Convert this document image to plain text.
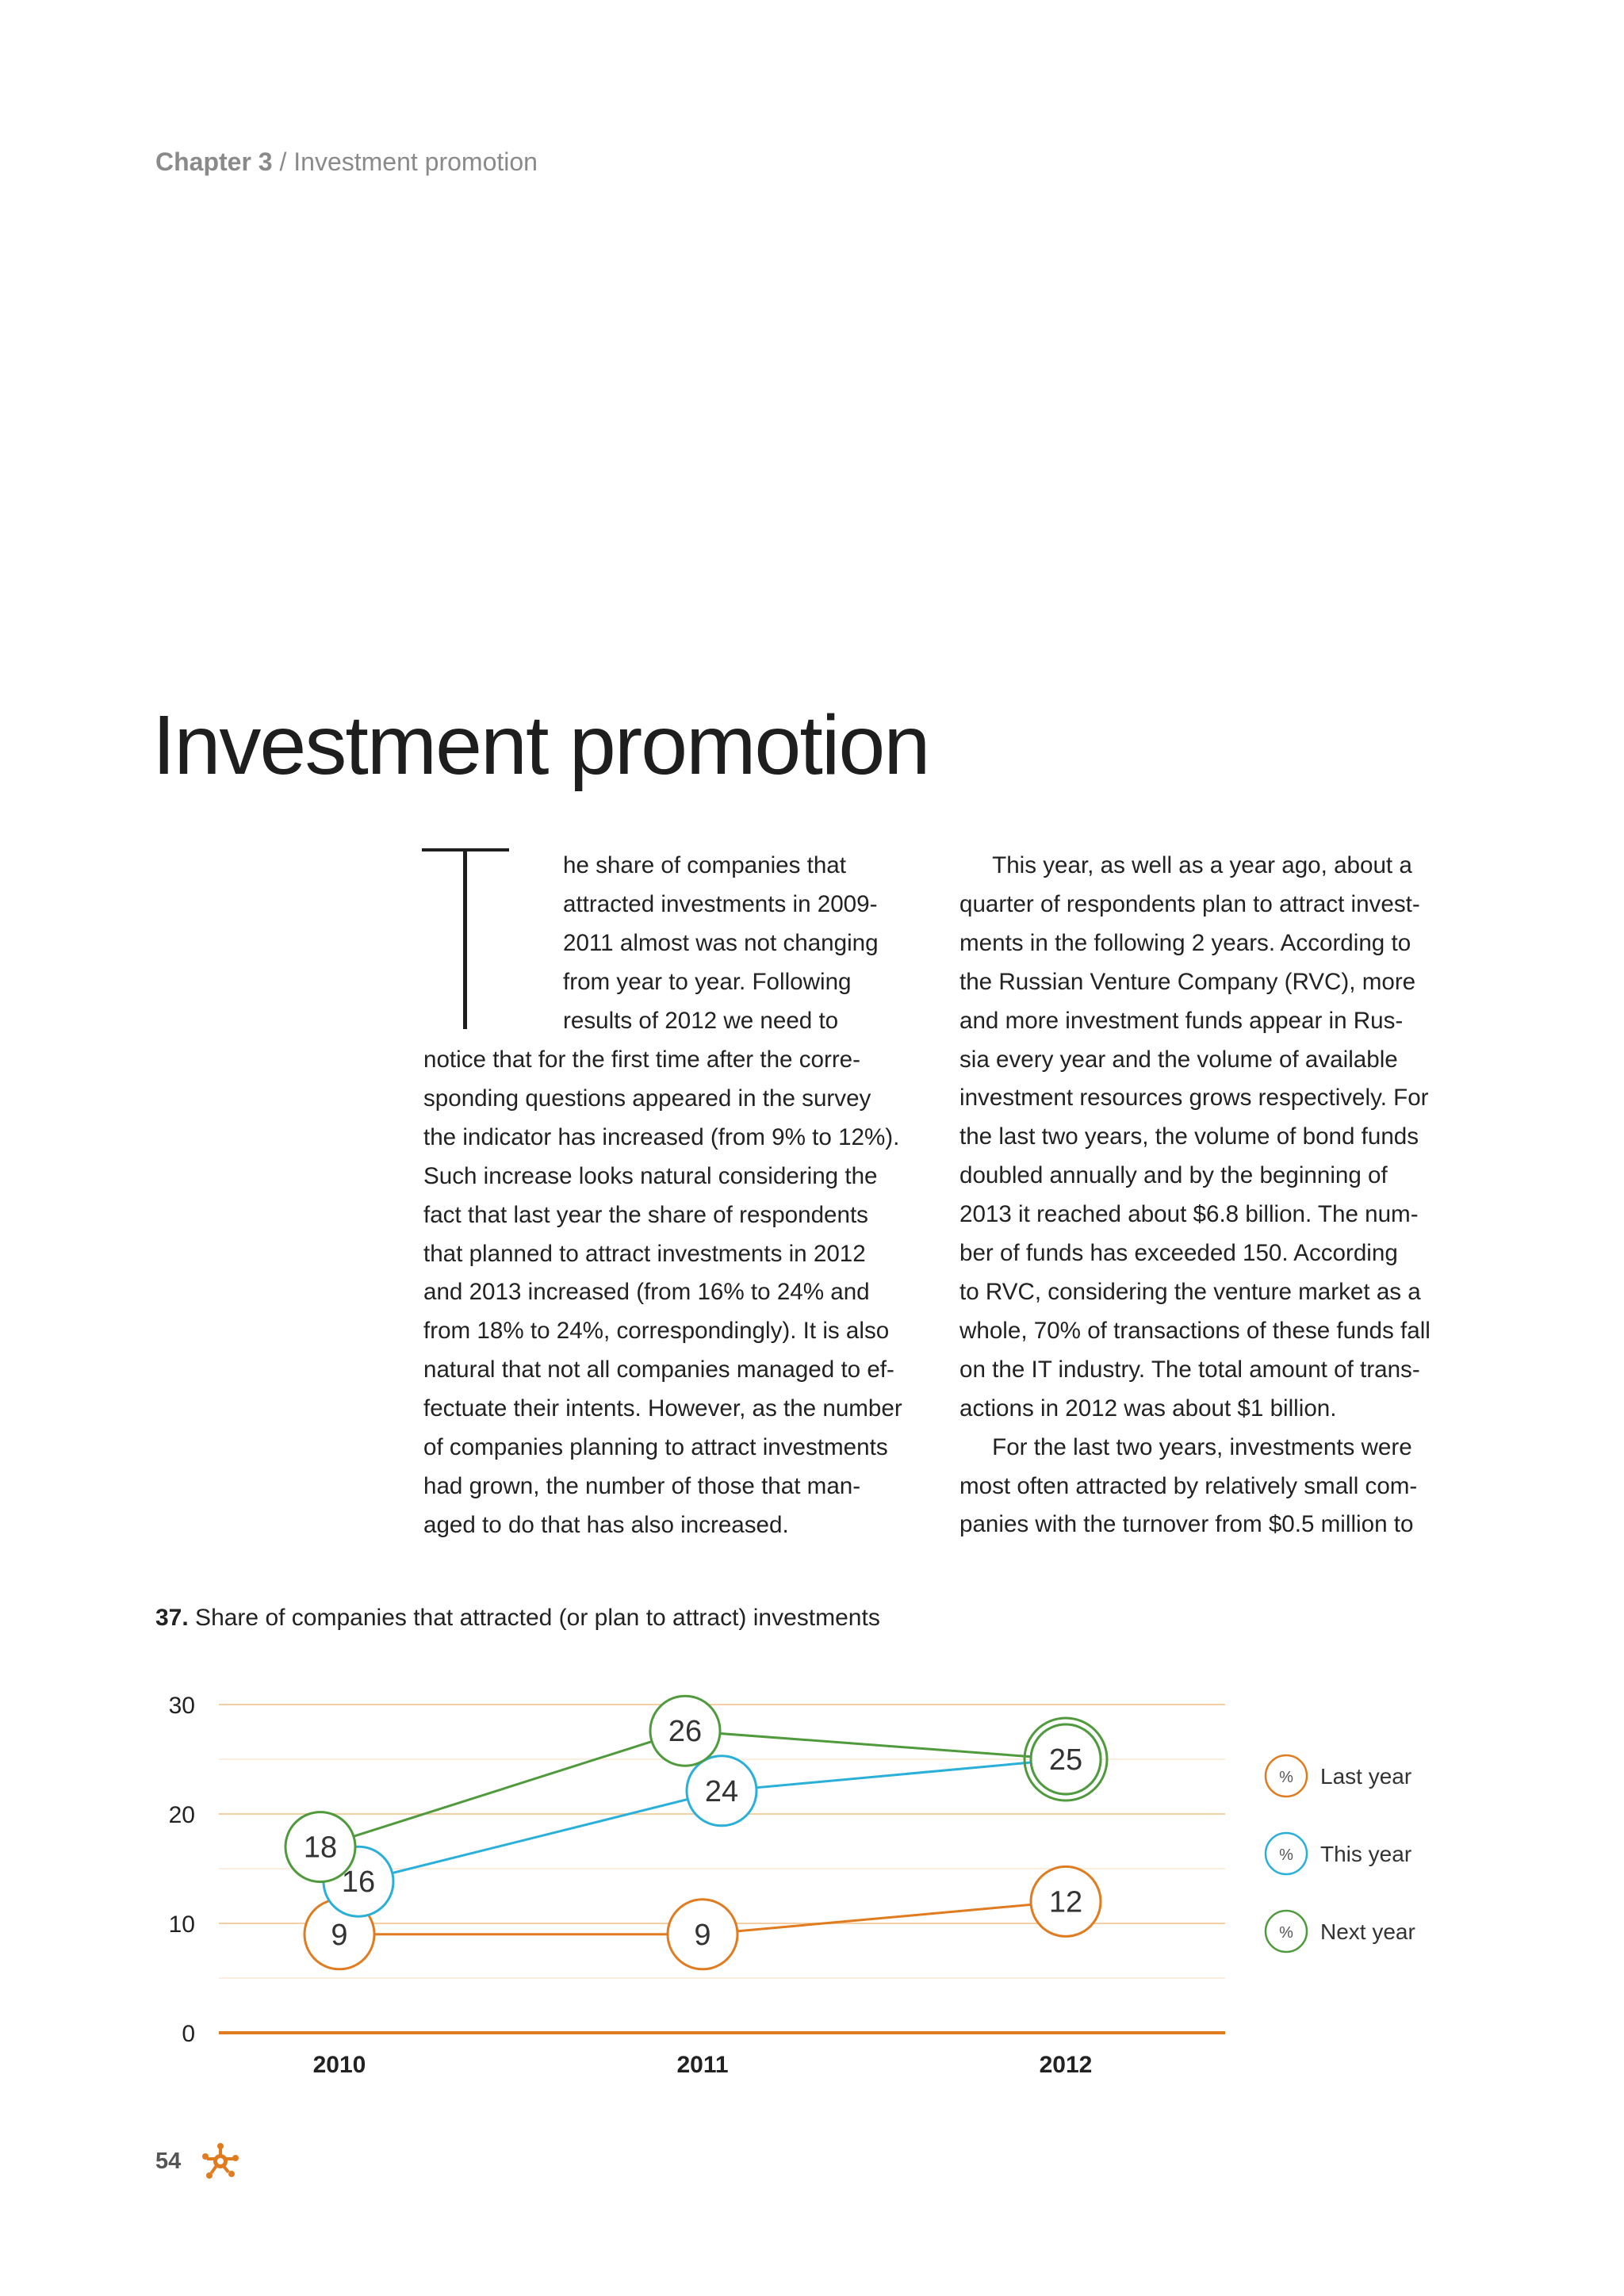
Chapter 3 / Investment promotion
Investment promotion
he share of companies that
attracted investments in 2009-
2011 almost was not changing
from year to year. Following
results of 2012 we need to
notice that for the first time after the corre-
sponding questions appeared in the survey
the indicator has increased (from 9% to 12%).
Such increase looks natural considering the
fact that last year the share of respondents
that planned to attract investments in 2012
and 2013 increased (from 16% to 24% and
from 18% to 24%, correspondingly). It is also
natural that not all companies managed to ef-
fectuate their intents. However, as the number
of companies planning to attract investments
had grown, the number of those that man-
aged to do that has also increased.
This year, as well as a year ago, about a
quarter of respondents plan to attract invest-
ments in the following 2 years. According to
the Russian Venture Company (RVC), more
and more investment funds appear in Rus-
sia every year and the volume of available
investment resources grows respectively. For
the last two years, the volume of bond funds
doubled annually and by the beginning of
2013 it reached about $6.8 billion. The num-
ber of funds has exceeded 150. According
to RVC, considering the venture market as a
whole, 70% of transactions of these funds fall
on the IT industry. The total amount of trans-
actions in 2012 was about $1 billion.
For the last two years, investments were
most often attracted by relatively small com-
panies with the turnover from $0.5 million to
37. Share of companies that attracted (or plan to attract) investments
0
10
20
30
2010	2011	2012
9	9
12
16
24
25
18
26
% Last year
% This year
% Next year
54
